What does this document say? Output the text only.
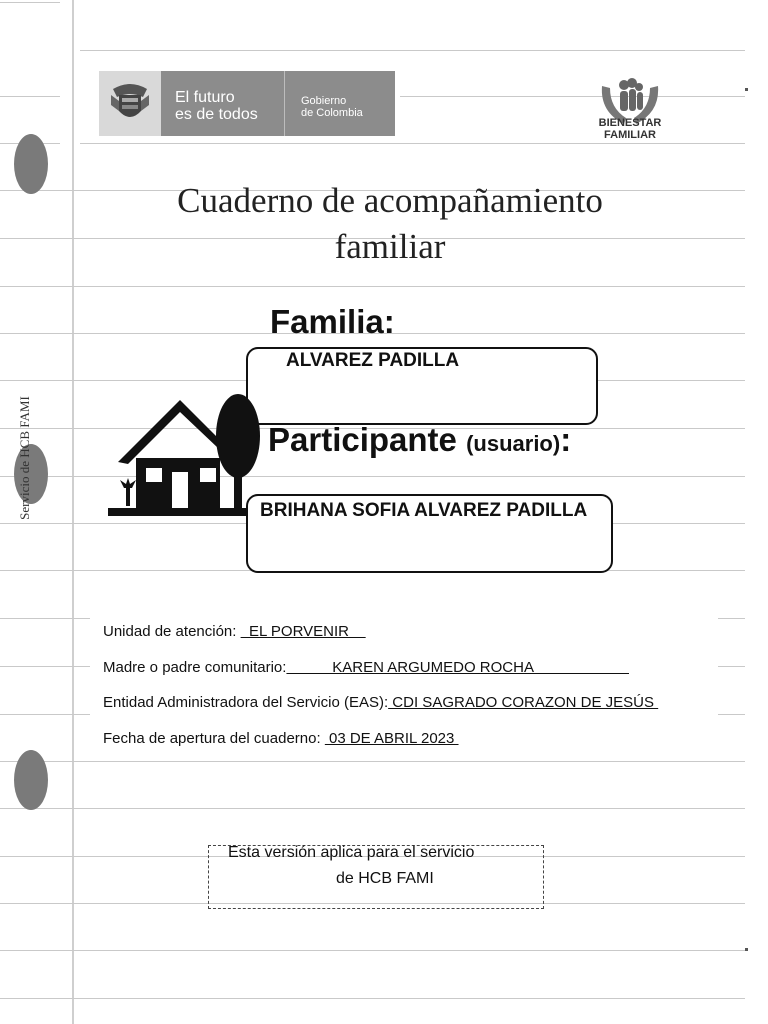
Servicio de HCB FAMI
El futuro
es de todos
Gobierno
de Colombia
BIENESTAR
FAMILIAR
Cuaderno de acompañamiento
familiar
Familia:
ALVAREZ PADILLA
Participante (usuario):
BRIHANA SOFIA ALVAREZ PADILLA
Unidad de atención:   EL PORVENIR
Madre o padre comunitario:           KAREN ARGUMEDO ROCHA
Entidad Administradora del Servicio (EAS): CDI SAGRADO CORAZON DE JESÚS
Fecha de apertura del cuaderno:  03 DE ABRIL 2023
Esta versión aplica para el servicio
de HCB FAMI
